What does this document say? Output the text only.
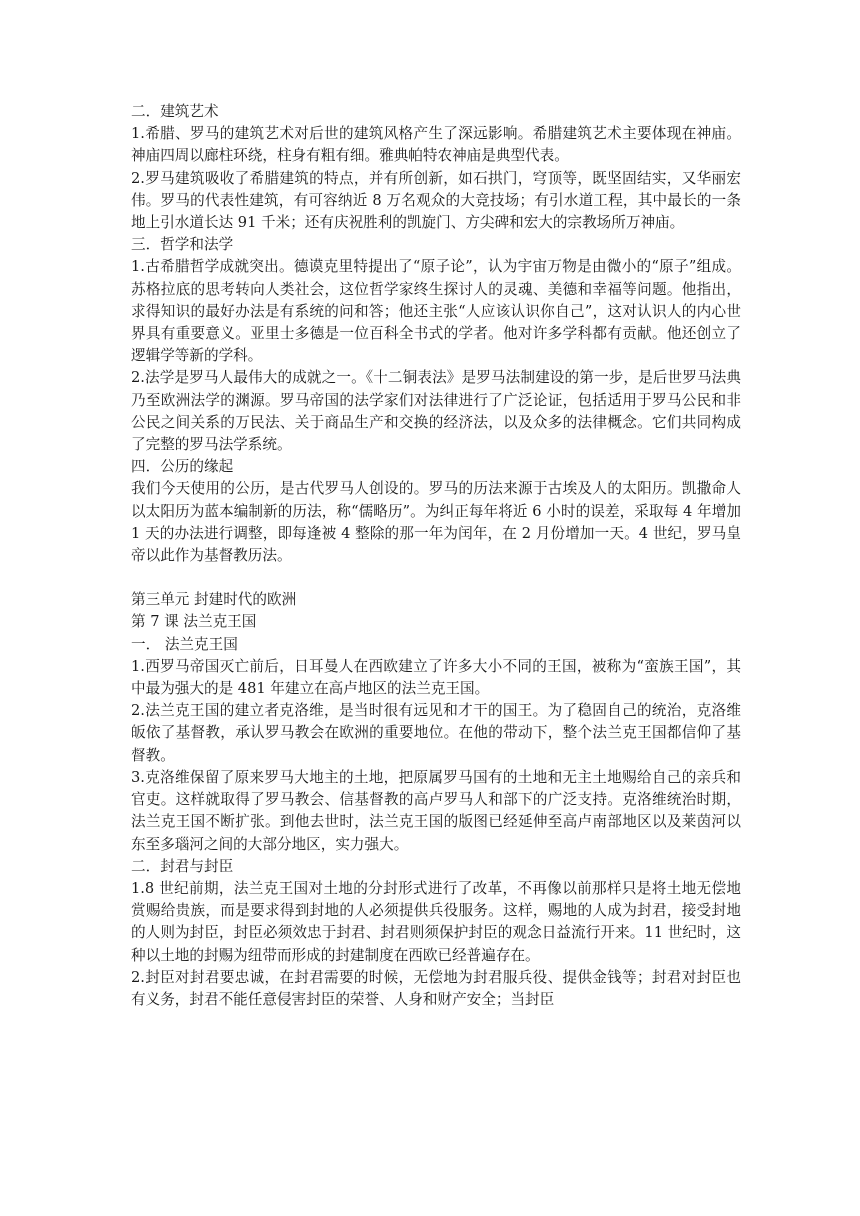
二．建筑艺术

1.希腊、罗马的建筑艺术对后世的建筑风格产生了深远影响。希腊建筑艺术主要体现在神庙。神庙四周以廊柱环绕，柱身有粗有细。雅典帕特农神庙是典型代表。

2.罗马建筑吸收了希腊建筑的特点，并有所创新，如石拱门，穹顶等，既坚固结实，又华丽宏伟。罗马的代表性建筑，有可容纳近 8 万名观众的大竞技场；有引水道工程，其中最长的一条地上引水道长达 91 千米；还有庆祝胜利的凯旋门、方尖碑和宏大的宗教场所万神庙。

三．哲学和法学

1.古希腊哲学成就突出。德谟克里特提出了“原子论”，认为宇宙万物是由微小的“原子”组成。苏格拉底的思考转向人类社会，这位哲学家终生探讨人的灵魂、美德和幸福等问题。他指出，求得知识的最好办法是有系统的问和答；他还主张“人应该认识你自己”，这对认识人的内心世界具有重要意义。亚里士多德是一位百科全书式的学者。他对许多学科都有贡献。他还创立了逻辑学等新的学科。

2.法学是罗马人最伟大的成就之一。《十二铜表法》是罗马法制建设的第一步，是后世罗马法典乃至欧洲法学的渊源。罗马帝国的法学家们对法律进行了广泛论证，包括适用于罗马公民和非公民之间关系的万民法、关于商品生产和交换的经济法，以及众多的法律概念。它们共同构成了完整的罗马法学系统。

四．公历的缘起

我们今天使用的公历，是古代罗马人创设的。罗马的历法来源于古埃及人的太阳历。凯撒命人以太阳历为蓝本编制新的历法，称“儒略历”。为纠正每年将近 6 小时的误差，采取每 4 年增加 1 天的办法进行调整，即每逢被 4 整除的那一年为闰年，在 2 月份增加一天。4 世纪，罗马皇帝以此作为基督教历法。

第三单元 封建时代的欧洲

第 7 课 法兰克王国

一． 法兰克王国

1.西罗马帝国灭亡前后，日耳曼人在西欧建立了许多大小不同的王国，被称为“蛮族王国”，其中最为强大的是 481 年建立在高卢地区的法兰克王国。

2.法兰克王国的建立者克洛维，是当时很有远见和才干的国王。为了稳固自己的统治，克洛维皈依了基督教，承认罗马教会在欧洲的重要地位。在他的带动下，整个法兰克王国都信仰了基督教。

3.克洛维保留了原来罗马大地主的土地，把原属罗马国有的土地和无主土地赐给自己的亲兵和官吏。这样就取得了罗马教会、信基督教的高卢罗马人和部下的广泛支持。克洛维统治时期，法兰克王国不断扩张。到他去世时，法兰克王国的版图已经延伸至高卢南部地区以及莱茵河以东至多瑙河之间的大部分地区，实力强大。

二．封君与封臣

1.8 世纪前期，法兰克王国对土地的分封形式进行了改革，不再像以前那样只是将土地无偿地赏赐给贵族，而是要求得到封地的人必须提供兵役服务。这样，赐地的人成为封君，接受封地的人则为封臣，封臣必须效忠于封君、封君则须保护封臣的观念日益流行开来。11 世纪时，这种以土地的封赐为纽带而形成的封建制度在西欧已经普遍存在。

2.封臣对封君要忠诚，在封君需要的时候，无偿地为封君服兵役、提供金钱等；封君对封臣也有义务，封君不能任意侵害封臣的荣誉、人身和财产安全；当封臣
